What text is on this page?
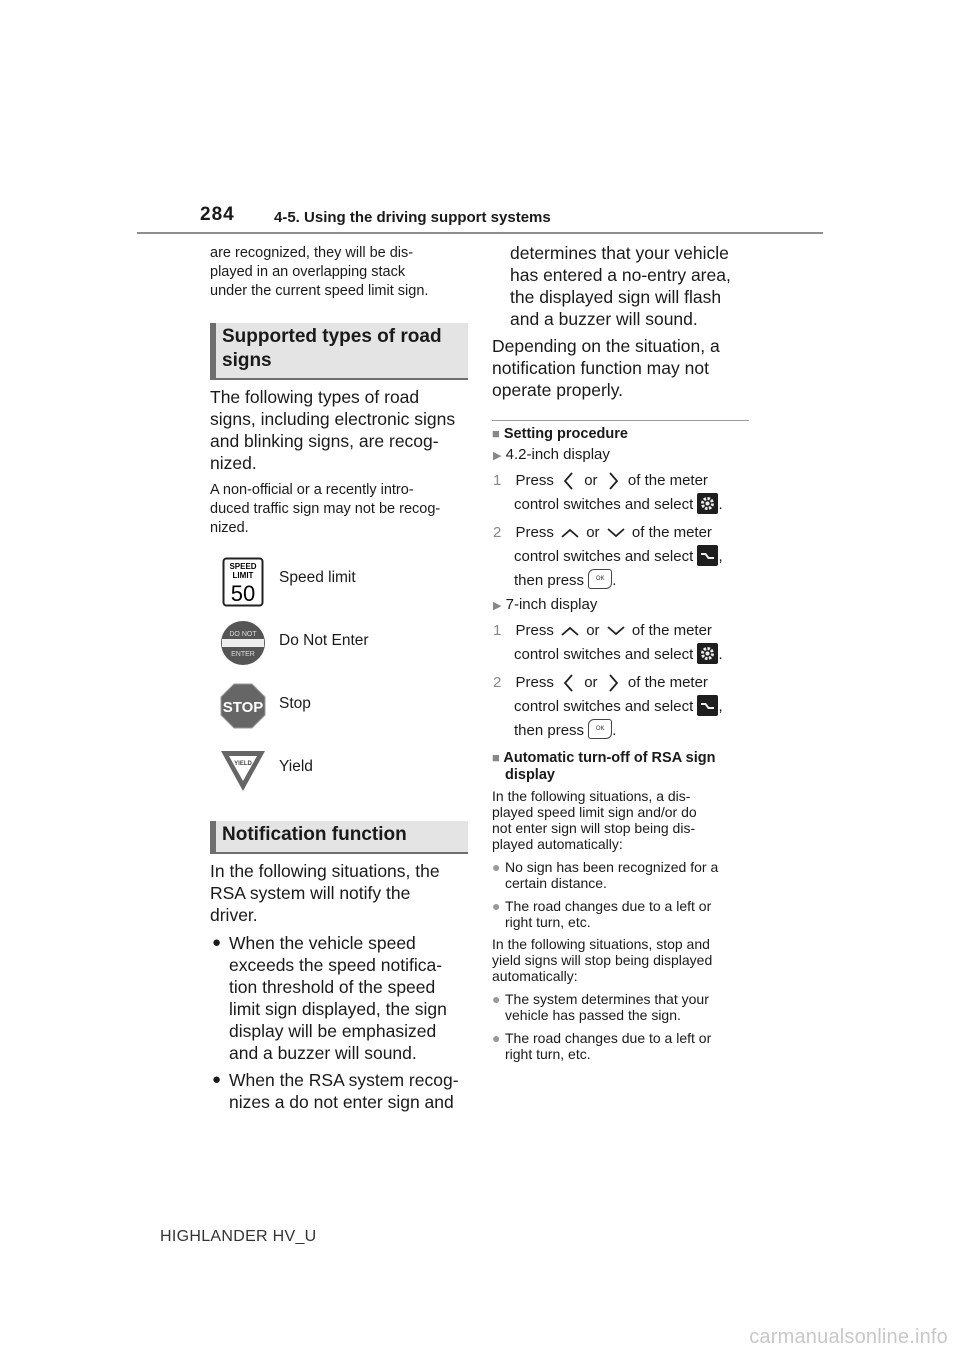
284	4-5. Using the driving support systems
are recognized, they will be dis-
played in an overlapping stack
under the current speed limit sign.
Supported types of road
signs
The following types of road
signs, including electronic signs
and blinking signs, are recog-
nized.
A non-official or a recently intro-
duced traffic sign may not be recog-
nized.
SPEED
LIMIT
50
Speed limit
DO NOT
ENTER
Do Not Enter
STOP Stop
YIELD Yield
Notification function
In the following situations, the
RSA system will notify the
driver.
● When the vehicle speed
exceeds the speed notifica-
tion threshold of the speed
limit sign displayed, the sign
display will be emphasized
and a buzzer will sound.
● When the RSA system recog-
nizes a do not enter sign and
determines that your vehicle
has entered a no-entry area,
the displayed sign will flash
and a buzzer will sound.
Depending on the situation, a
notification function may not
operate properly.
■ Setting procedure
▶ 4.2-inch display
1 Press or of the meter
control switches and select .
2 Press or of the meter
control switches and select ,
then press OK .
▶ 7-inch display
1 Press or of the meter
control switches and select .
2 Press or of the meter
control switches and select ,
then press OK .
■ Automatic turn-off of RSA sign
display
In the following situations, a dis-
played speed limit sign and/or do
not enter sign will stop being dis-
played automatically:
● No sign has been recognized for a
certain distance.
● The road changes due to a left or
right turn, etc.
In the following situations, stop and
yield signs will stop being displayed
automatically:
● The system determines that your
vehicle has passed the sign.
● The road changes due to a left or
right turn, etc.
HIGHLANDER HV_U
carmanualsonline.info
